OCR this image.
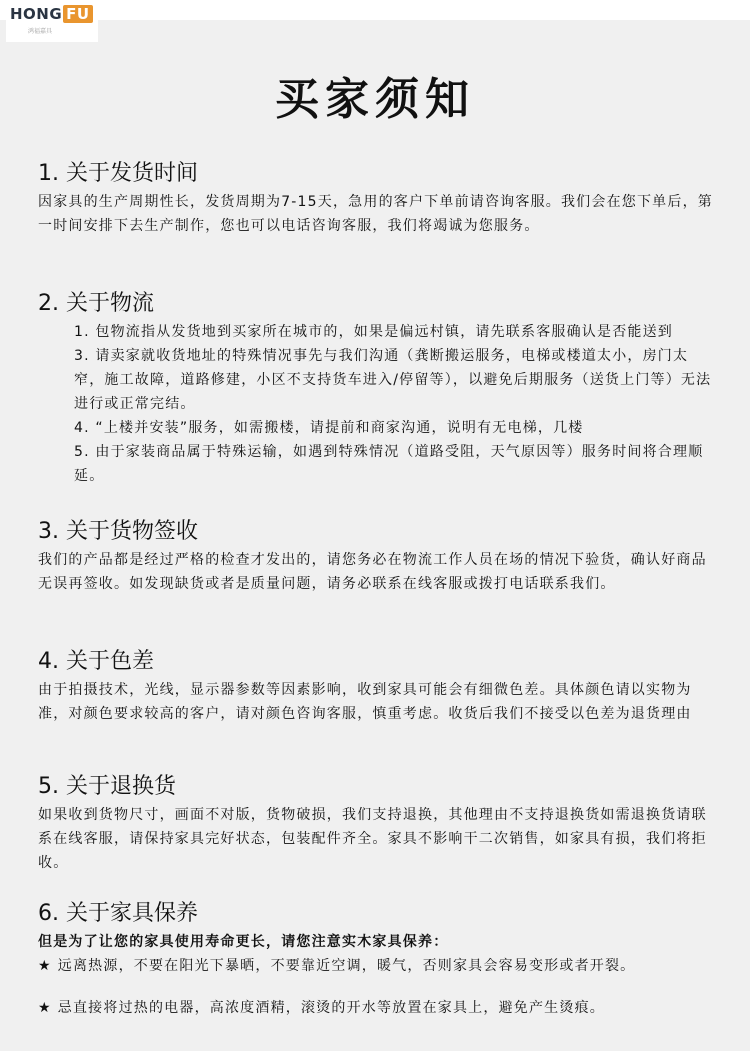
HONG FU
鸿福嘉具
买家须知
1. 关于发货时间
因家具的生产周期性长，发货周期为7-15天，急用的客户下单前请咨询客服。我们会在您下单后，第一时间安排下去生产制作，您也可以电话咨询客服，我们将竭诚为您服务。
2. 关于物流
1. 包物流指从发货地到买家所在城市的，如果是偏远村镇，请先联系客服确认是否能送到
3. 请卖家就收货地址的特殊情况事先与我们沟通（龚断搬运服务，电梯或楼道太小，房门太窄，施工故障，道路修建，小区不支持货车进入/停留等），以避免后期服务（送货上门等）无法进行或正常完结。
4. “上楼并安装”服务，如需搬楼，请提前和商家沟通，说明有无电梯，几楼
5. 由于家装商品属于特殊运输，如遇到特殊情况（道路受阻，天气原因等）服务时间将合理顺延。
3. 关于货物签收
我们的产品都是经过严格的检查才发出的，请您务必在物流工作人员在场的情况下验货，确认好商品无误再签收。如发现缺货或者是质量问题，请务必联系在线客服或拨打电话联系我们。
4. 关于色差
由于拍摄技术，光线，显示器参数等因素影响，收到家具可能会有细微色差。具体颜色请以实物为准，对颜色要求较高的客户，请对颜色咨询客服，慎重考虑。收货后我们不接受以色差为退货理由
5. 关于退换货
如果收到货物尺寸，画面不对版，货物破损，我们支持退换，其他理由不支持退换货如需退换货请联系在线客服，请保持家具完好状态，包装配件齐全。家具不影响干二次销售，如家具有损，我们将拒收。
6. 关于家具保养
但是为了让您的家具使用寿命更长，请您注意实木家具保养：
★ 远离热源，不要在阳光下暴晒，不要靠近空调，暖气，否则家具会容易变形或者开裂。
★ 忌直接将过热的电器，高浓度酒精，滚烫的开水等放置在家具上，避免产生烫痕。
